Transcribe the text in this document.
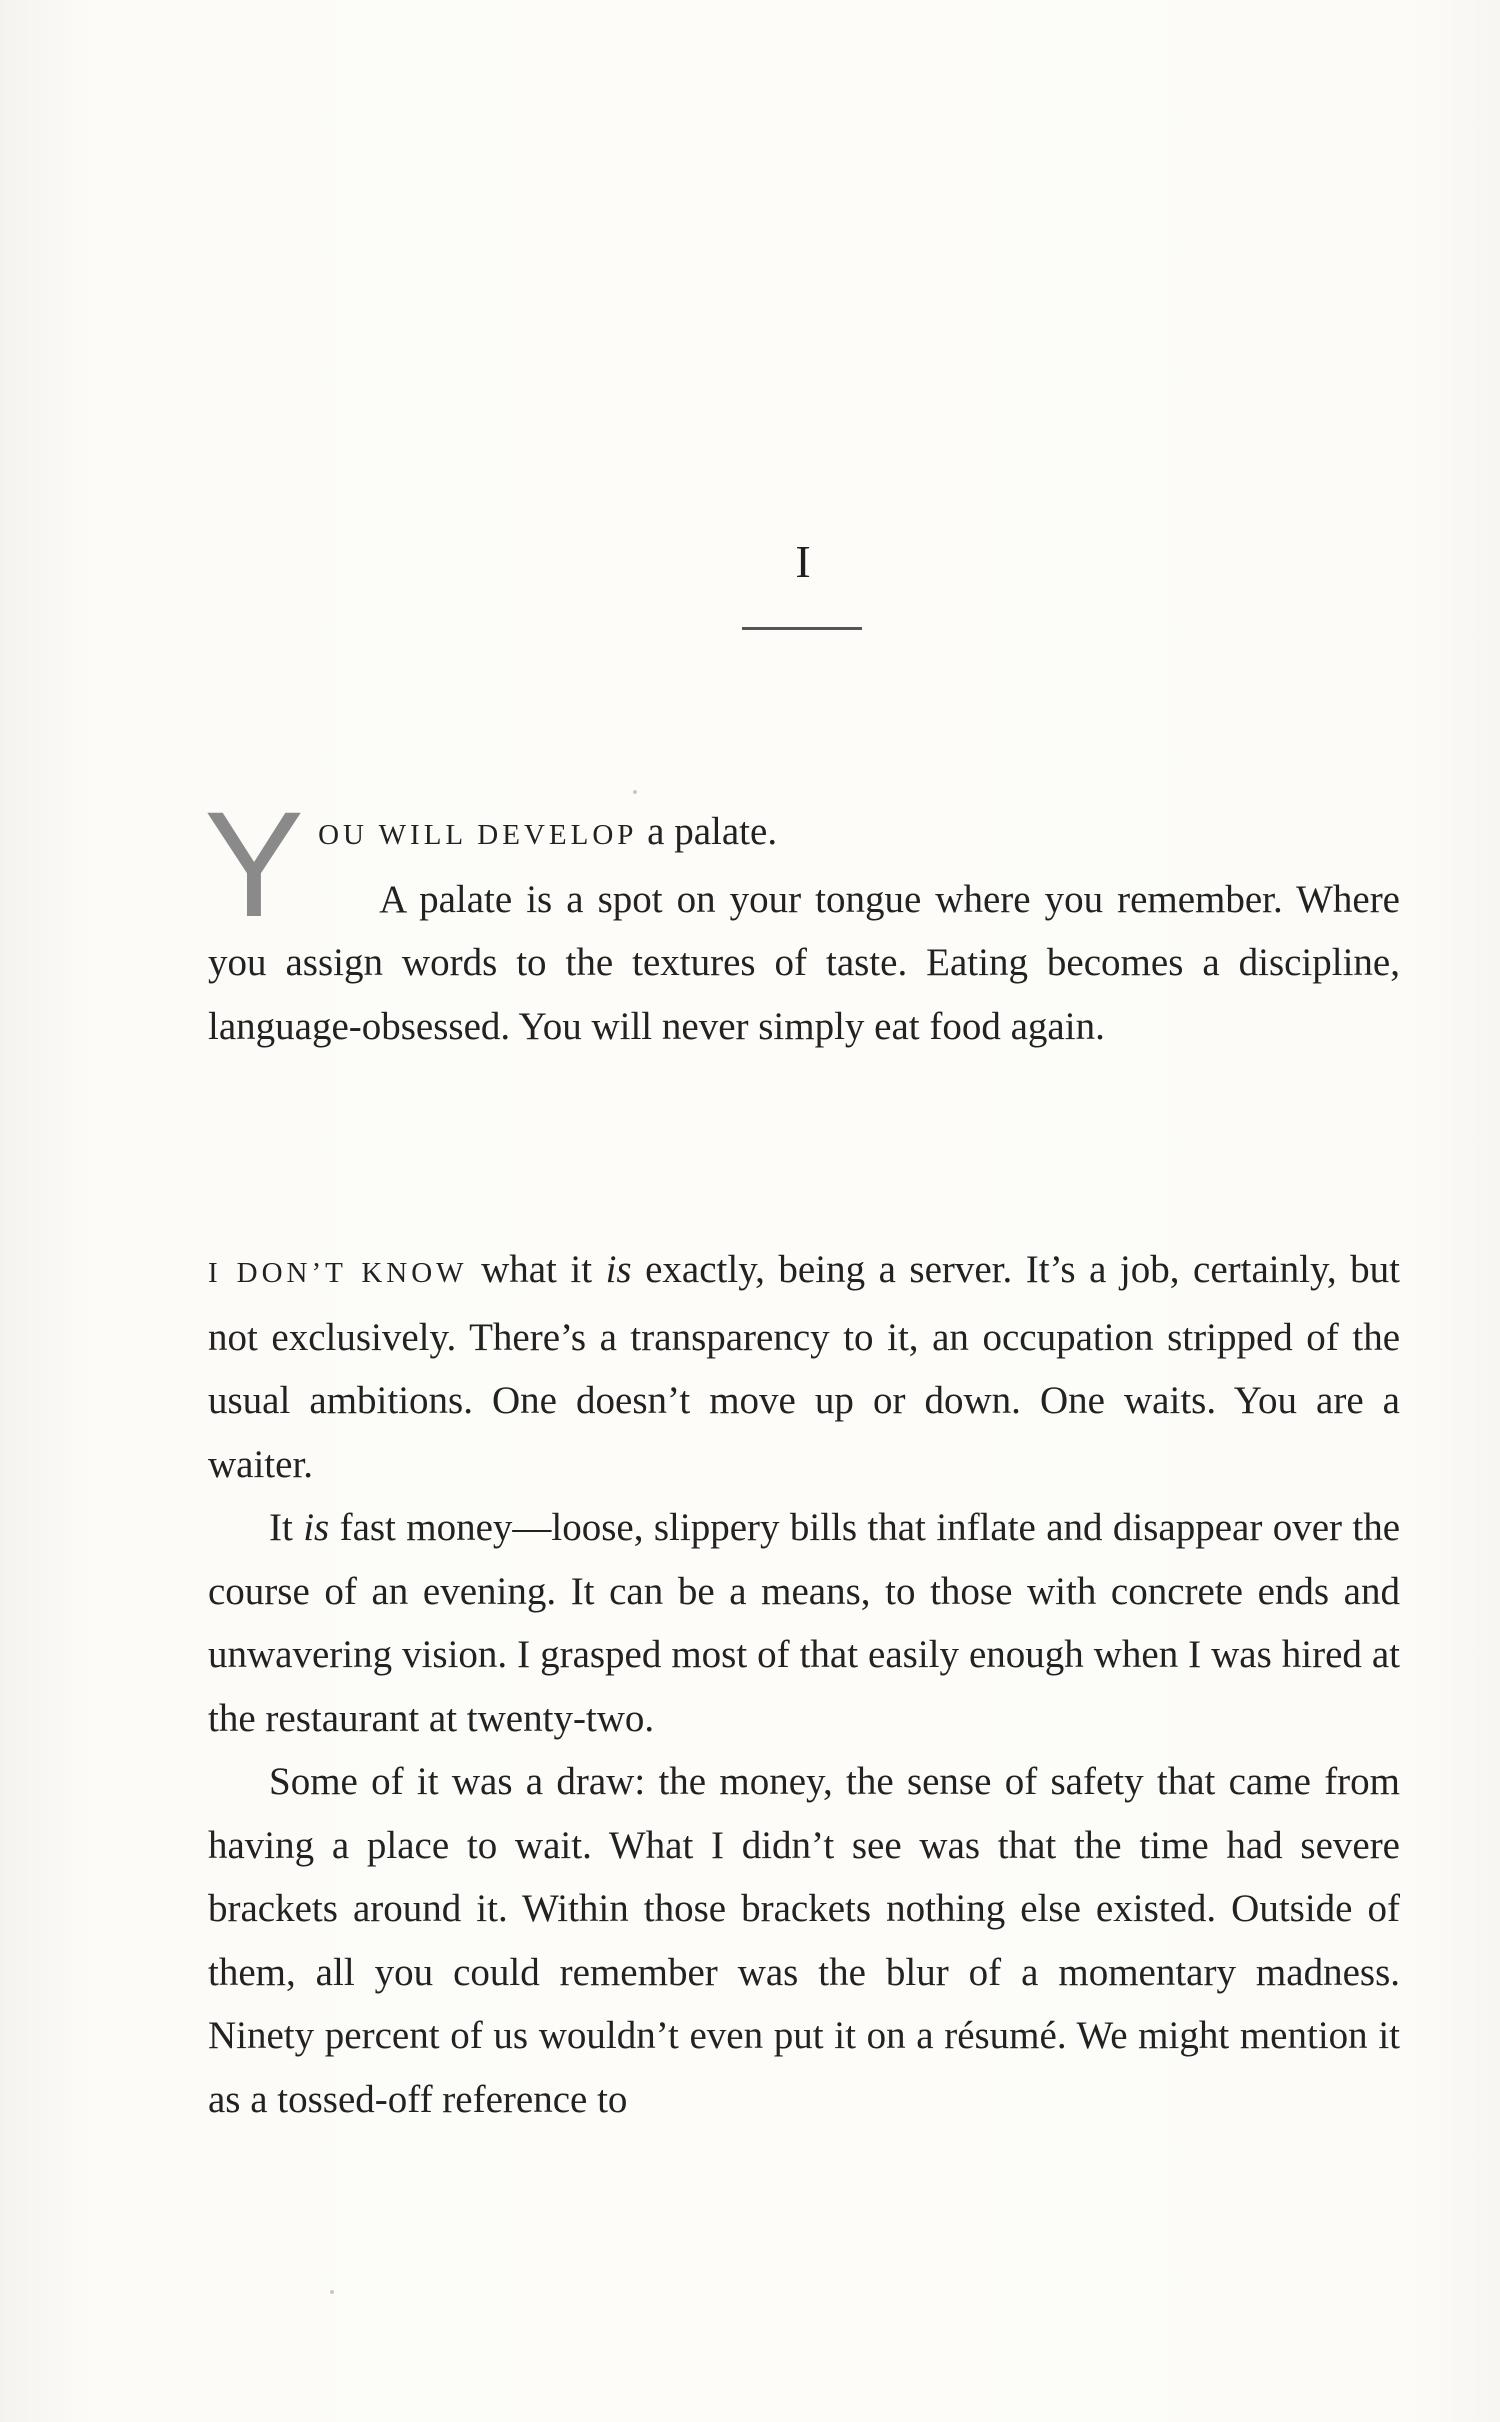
I

YOU WILL DEVELOP a palate.

A palate is a spot on your tongue where you remember. Where you assign words to the textures of taste. Eating becomes a discipline, language-obsessed. You will never simply eat food again.

I DON’T KNOW what it is exactly, being a server. It’s a job, certainly, but not exclusively. There’s a transparency to it, an occupation stripped of the usual ambitions. One doesn’t move up or down. One waits. You are a waiter.

It is fast money—loose, slippery bills that inflate and disappear over the course of an evening. It can be a means, to those with concrete ends and unwavering vision. I grasped most of that easily enough when I was hired at the restaurant at twenty-two.

Some of it was a draw: the money, the sense of safety that came from having a place to wait. What I didn’t see was that the time had severe brackets around it. Within those brackets nothing else existed. Outside of them, all you could remember was the blur of a momentary madness. Ninety percent of us wouldn’t even put it on a résumé. We might mention it as a tossed-off reference to
